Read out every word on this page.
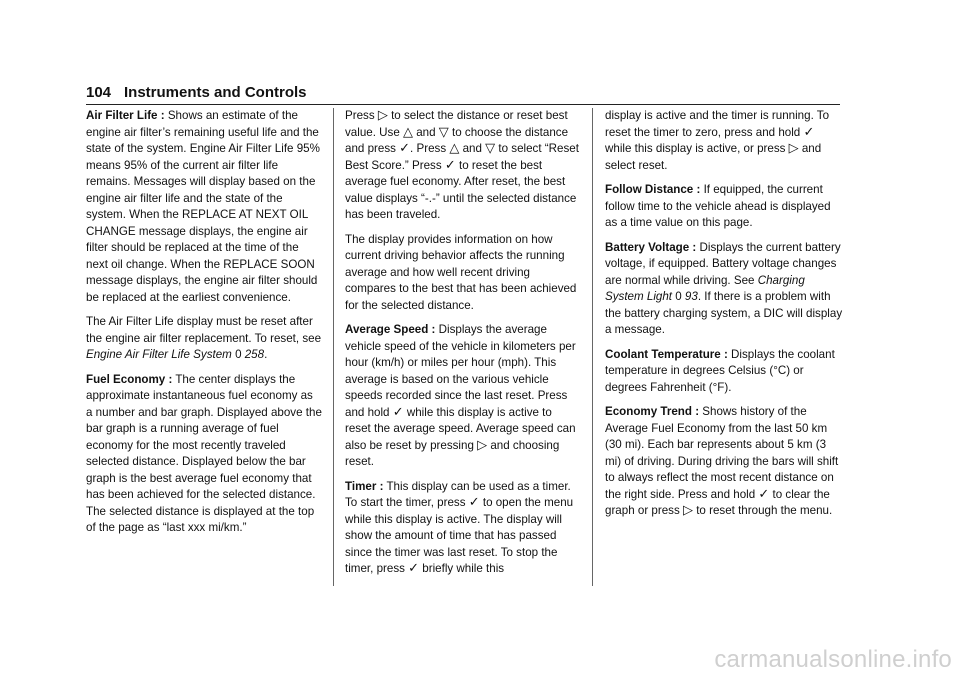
104 Instruments and Controls

Air Filter Life : Shows an estimate of the engine air filter’s remaining useful life and the state of the system. Engine Air Filter Life 95% means 95% of the current air filter life remains. Messages will display based on the engine air filter life and the state of the system. When the REPLACE AT NEXT OIL CHANGE message displays, the engine air filter should be replaced at the time of the next oil change. When the REPLACE SOON message displays, the engine air filter should be replaced at the earliest convenience.

The Air Filter Life display must be reset after the engine air filter replacement. To reset, see Engine Air Filter Life System 0 258.

Fuel Economy : The center displays the approximate instantaneous fuel economy as a number and bar graph. Displayed above the bar graph is a running average of fuel economy for the most recently traveled selected distance. Displayed below the bar graph is the best average fuel economy that has been achieved for the selected distance. The selected distance is displayed at the top of the page as “last xxx mi/km.”

Press ▷ to select the distance or reset best value. Use △ and ▽ to choose the distance and press ✓. Press △ and ▽ to select “Reset Best Score.” Press ✓ to reset the best average fuel economy. After reset, the best value displays “-.-” until the selected distance has been traveled.

The display provides information on how current driving behavior affects the running average and how well recent driving compares to the best that has been achieved for the selected distance.

Average Speed : Displays the average vehicle speed of the vehicle in kilometers per hour (km/h) or miles per hour (mph). This average is based on the various vehicle speeds recorded since the last reset. Press and hold ✓ while this display is active to reset the average speed. Average speed can also be reset by pressing ▷ and choosing reset.

Timer : This display can be used as a timer. To start the timer, press ✓ to open the menu while this display is active. The display will show the amount of time that has passed since the timer was last reset. To stop the timer, press ✓ briefly while this

display is active and the timer is running. To reset the timer to zero, press and hold ✓ while this display is active, or press ▷ and select reset.

Follow Distance : If equipped, the current follow time to the vehicle ahead is displayed as a time value on this page.

Battery Voltage : Displays the current battery voltage, if equipped. Battery voltage changes are normal while driving. See Charging System Light 0 93. If there is a problem with the battery charging system, a DIC will display a message.

Coolant Temperature : Displays the coolant temperature in degrees Celsius (°C) or degrees Fahrenheit (°F).

Economy Trend : Shows history of the Average Fuel Economy from the last 50 km (30 mi). Each bar represents about 5 km (3 mi) of driving. During driving the bars will shift to always reflect the most recent distance on the right side. Press and hold ✓ to clear the graph or press ▷ to reset through the menu.

carmanualsonline.info
